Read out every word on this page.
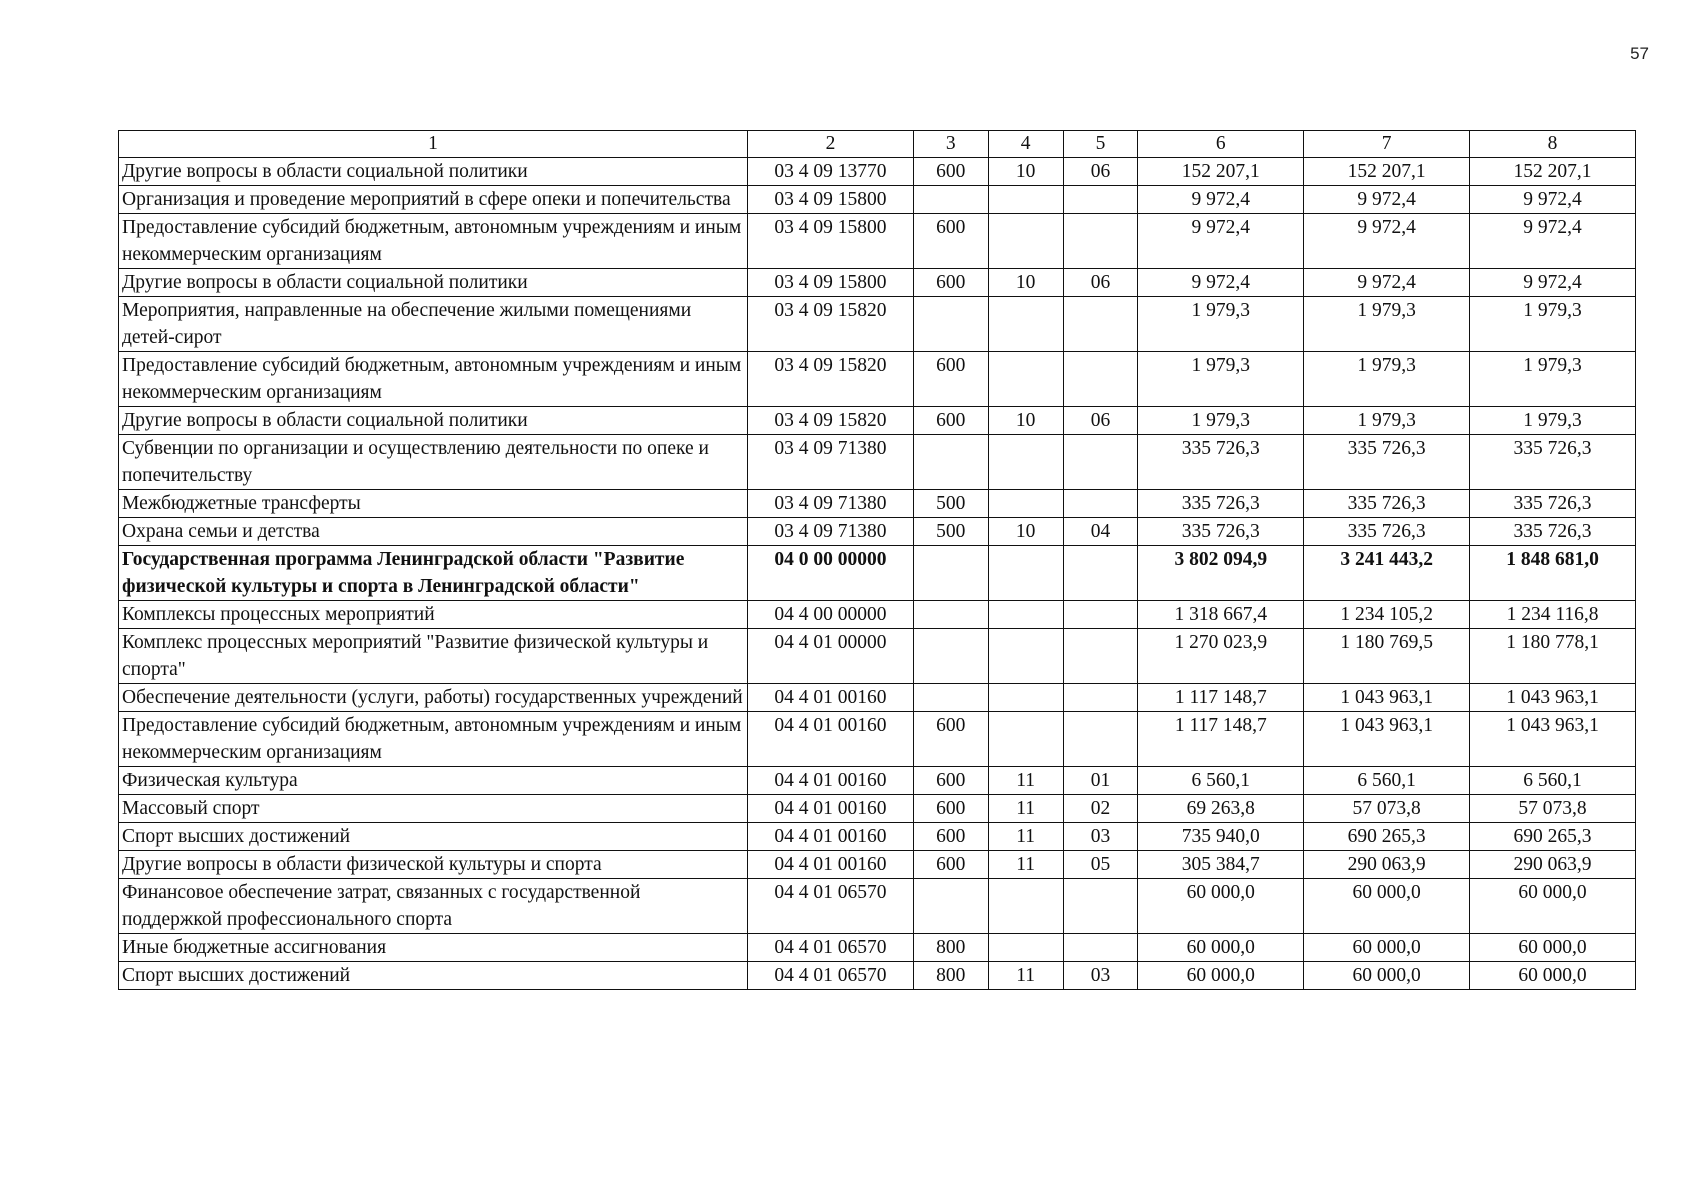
57
1	2	3	4	5	6	7	8
Другие вопросы в области социальной политики	03 4 09 13770	600	10	06	152 207,1	152 207,1	152 207,1
Организация и проведение мероприятий в сфере опеки и попечительства	03 4 09 15800				9 972,4	9 972,4	9 972,4
Предоставление субсидий бюджетным, автономным учреждениям и иным некоммерческим организациям	03 4 09 15800	600			9 972,4	9 972,4	9 972,4
Другие вопросы в области социальной политики	03 4 09 15800	600	10	06	9 972,4	9 972,4	9 972,4
Мероприятия, направленные на обеспечение жилыми помещениями детей-сирот	03 4 09 15820				1 979,3	1 979,3	1 979,3
Предоставление субсидий бюджетным, автономным учреждениям и иным некоммерческим организациям	03 4 09 15820	600			1 979,3	1 979,3	1 979,3
Другие вопросы в области социальной политики	03 4 09 15820	600	10	06	1 979,3	1 979,3	1 979,3
Субвенции по организации и осуществлению деятельности по опеке и попечительству	03 4 09 71380				335 726,3	335 726,3	335 726,3
Межбюджетные трансферты	03 4 09 71380	500			335 726,3	335 726,3	335 726,3
Охрана семьи и детства	03 4 09 71380	500	10	04	335 726,3	335 726,3	335 726,3
Государственная программа Ленинградской области "Развитие физической культуры и спорта в Ленинградской области"	04 0 00 00000				3 802 094,9	3 241 443,2	1 848 681,0
Комплексы процессных мероприятий	04 4 00 00000				1 318 667,4	1 234 105,2	1 234 116,8
Комплекс процессных мероприятий "Развитие физической культуры и спорта"	04 4 01 00000				1 270 023,9	1 180 769,5	1 180 778,1
Обеспечение деятельности (услуги, работы) государственных учреждений	04 4 01 00160				1 117 148,7	1 043 963,1	1 043 963,1
Предоставление субсидий бюджетным, автономным учреждениям и иным некоммерческим организациям	04 4 01 00160	600			1 117 148,7	1 043 963,1	1 043 963,1
Физическая культура	04 4 01 00160	600	11	01	6 560,1	6 560,1	6 560,1
Массовый спорт	04 4 01 00160	600	11	02	69 263,8	57 073,8	57 073,8
Спорт высших достижений	04 4 01 00160	600	11	03	735 940,0	690 265,3	690 265,3
Другие вопросы в области физической культуры и спорта	04 4 01 00160	600	11	05	305 384,7	290 063,9	290 063,9
Финансовое обеспечение затрат, связанных с государственной поддержкой профессионального спорта	04 4 01 06570				60 000,0	60 000,0	60 000,0
Иные бюджетные ассигнования	04 4 01 06570	800			60 000,0	60 000,0	60 000,0
Спорт высших достижений	04 4 01 06570	800	11	03	60 000,0	60 000,0	60 000,0
